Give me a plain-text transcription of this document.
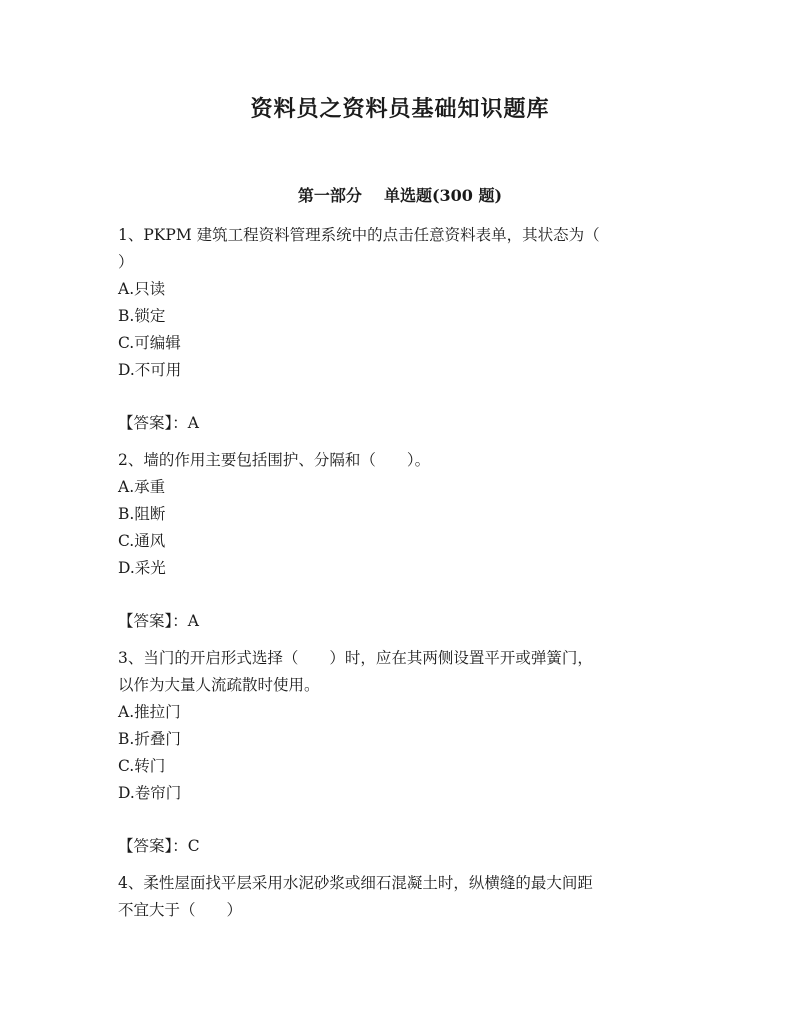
资料员之资料员基础知识题库
第一部分 单选题(300 题)

1、PKPM 建筑工程资料管理系统中的点击任意资料表单，其状态为（

）

A.只读

B.锁定

C.可编辑

D.不可用

【答案】：A

2、墙的作用主要包括围护、分隔和（　　）。

A.承重

B.阻断

C.通风

D.采光

【答案】：A

3、当门的开启形式选择（　　）时，应在其两侧设置平开或弹簧门，

以作为大量人流疏散时使用。

A.推拉门

B.折叠门

C.转门

D.卷帘门

【答案】：C

4、柔性屋面找平层采用水泥砂浆或细石混凝土时，纵横缝的最大间距

不宜大于（　　）
